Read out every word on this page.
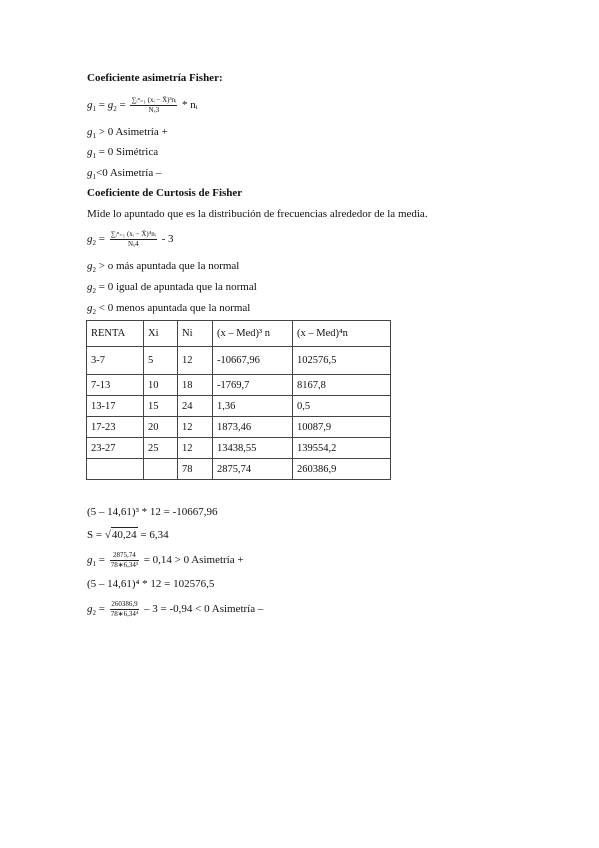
Coeficiente asimetría Fisher:
$g_1 = g_2 = \frac{\text{∑ᵢⁿ₌₁ (xᵢ − X̄)³nᵢ}}{\text{Nₓ3}}$ * nᵢ
$g_1 > 0$ Asimetría +
$g_1 = 0$ Simétrica
$g_1<0$ Asimetría –
Coeficiente de Curtosis de Fisher
Mide lo apuntado que es la distribución de frecuencias alrededor de la media.
$g_2 = \frac{\text{∑ᵢⁿ₌₁ (xᵢ − X̄)⁴nᵢ}}{\text{Nₓ4}} - 3$
$g_2 > o$ más apuntada que la normal
$g_2 = 0$ igual de apuntada que la normal
$g_2 < 0$ menos apuntada que la normal
RENTA	Xi	Ni	(x – Med)³ n	(x – Med)⁴n
3-7	5	12	-10667,96	102576,5
7-13	10	18	-1769,7	8167,8
13-17	15	24	1,36	0,5
17-23	20	12	1873,46	10087,9
23-27	25	12	13438,55	139554,2
		78	2875,74	260386,9
(5 – 14,61)³ * 12 = -10667,96
S = √40,24 = 6,34
$g_1 = \frac{2875,74}{\text{78∗6,34³}} = 0,14 > 0$ Asimetría +
(5 – 14,61)⁴ * 12 = 102576,5
$g_2 = \frac{260386,9}{\text{78∗6,34⁴}} - 3 = -0,94 < 0$ Asimetría –
